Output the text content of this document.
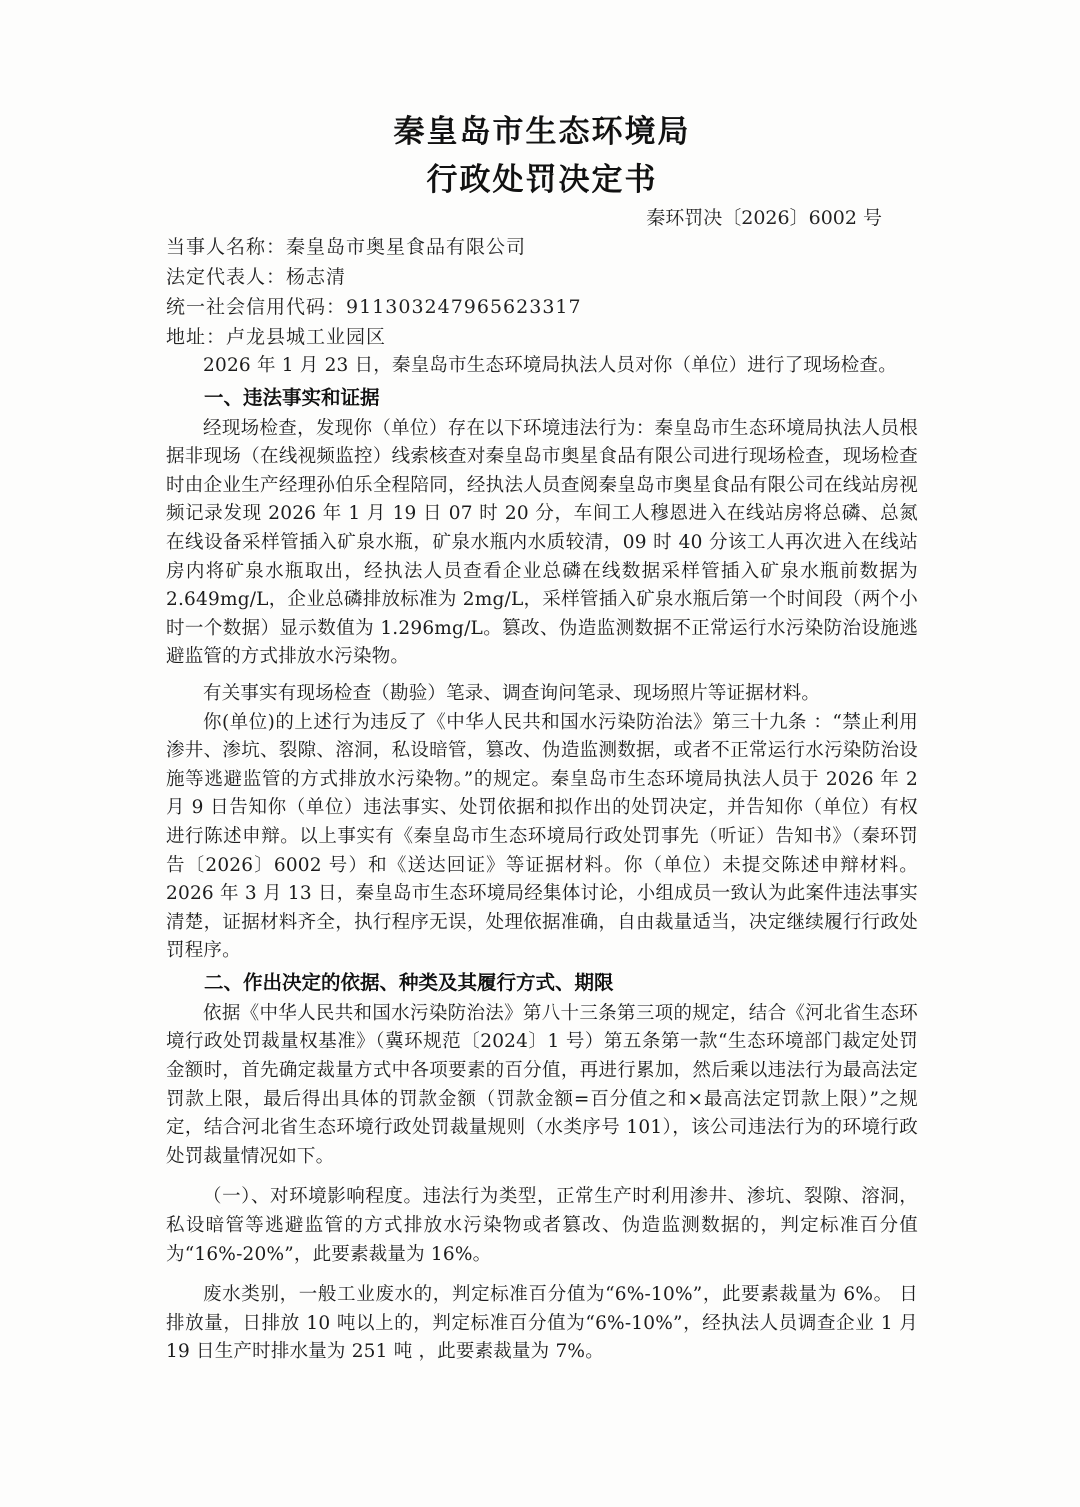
秦皇岛市生态环境局
行政处罚决定书

秦环罚决〔2026〕6002 号

当事人名称：秦皇岛市奥星食品有限公司

法定代表人：杨志清

统一社会信用代码：911303247965623317

地址：卢龙县城工业园区

2026 年 1 月 23 日，秦皇岛市生态环境局执法人员对你（单位）进行了现场检查。

一、违法事实和证据

经现场检查，发现你（单位）存在以下环境违法行为：秦皇岛市生态环境局执法人员根据非现场（在线视频监控）线索核查对秦皇岛市奥星食品有限公司进行现场检查，现场检查时由企业生产经理孙伯乐全程陪同，经执法人员查阅秦皇岛市奥星食品有限公司在线站房视频记录发现 2026 年 1 月 19 日 07 时 20 分，车间工人穆恩进入在线站房将总磷、总氮在线设备采样管插入矿泉水瓶，矿泉水瓶内水质较清，09 时 40 分该工人再次进入在线站房内将矿泉水瓶取出，经执法人员查看企业总磷在线数据采样管插入矿泉水瓶前数据为 2.649mg/L，企业总磷排放标准为 2mg/L，采样管插入矿泉水瓶后第一个时间段（两个小时一个数据）显示数值为 1.296mg/L。篡改、伪造监测数据不正常运行水污染防治设施逃避监管的方式排放水污染物。

有关事实有现场检查（勘验）笔录、调查询问笔录、现场照片等证据材料。

你(单位)的上述行为违反了《中华人民共和国水污染防治法》第三十九条 ：“禁止利用渗井、渗坑、裂隙、溶洞，私设暗管，篡改、伪造监测数据，或者不正常运行水污染防治设施等逃避监管的方式排放水污染物。”的规定。秦皇岛市生态环境局执法人员于 2026 年 2 月 9 日告知你（单位）违法事实、处罚依据和拟作出的处罚决定，并告知你（单位）有权进行陈述申辩。以上事实有《秦皇岛市生态环境局行政处罚事先（听证）告知书》（秦环罚告〔2026〕6002 号）和《送达回证》等证据材料。你（单位）未提交陈述申辩材料。2026 年 3 月 13 日，秦皇岛市生态环境局经集体讨论，小组成员一致认为此案件违法事实清楚，证据材料齐全，执行程序无误，处理依据准确，自由裁量适当，决定继续履行行政处罚程序。

二、作出决定的依据、种类及其履行方式、期限

依据《中华人民共和国水污染防治法》第八十三条第三项的规定，结合《河北省生态环境行政处罚裁量权基准》（冀环规范〔2024〕1 号）第五条第一款“生态环境部门裁定处罚金额时，首先确定裁量方式中各项要素的百分值，再进行累加，然后乘以违法行为最高法定罚款上限，最后得出具体的罚款金额（罚款金额=百分值之和×最高法定罚款上限）”之规定，结合河北省生态环境行政处罚裁量规则（水类序号 101），该公司违法行为的环境行政处罚裁量情况如下。

（一）、对环境影响程度。违法行为类型，正常生产时利用渗井、渗坑、裂隙、溶洞，私设暗管等逃避监管的方式排放水污染物或者篡改、伪造监测数据的，判定标准百分值为“16%-20%”，此要素裁量为 16%。

废水类别，一般工业废水的，判定标准百分值为“6%-10%”，此要素裁量为 6%。 日排放量，日排放 10 吨以上的，判定标准百分值为“6%-10%”，经执法人员调查企业 1 月 19 日生产时排水量为 251 吨 ，此要素裁量为 7%。
